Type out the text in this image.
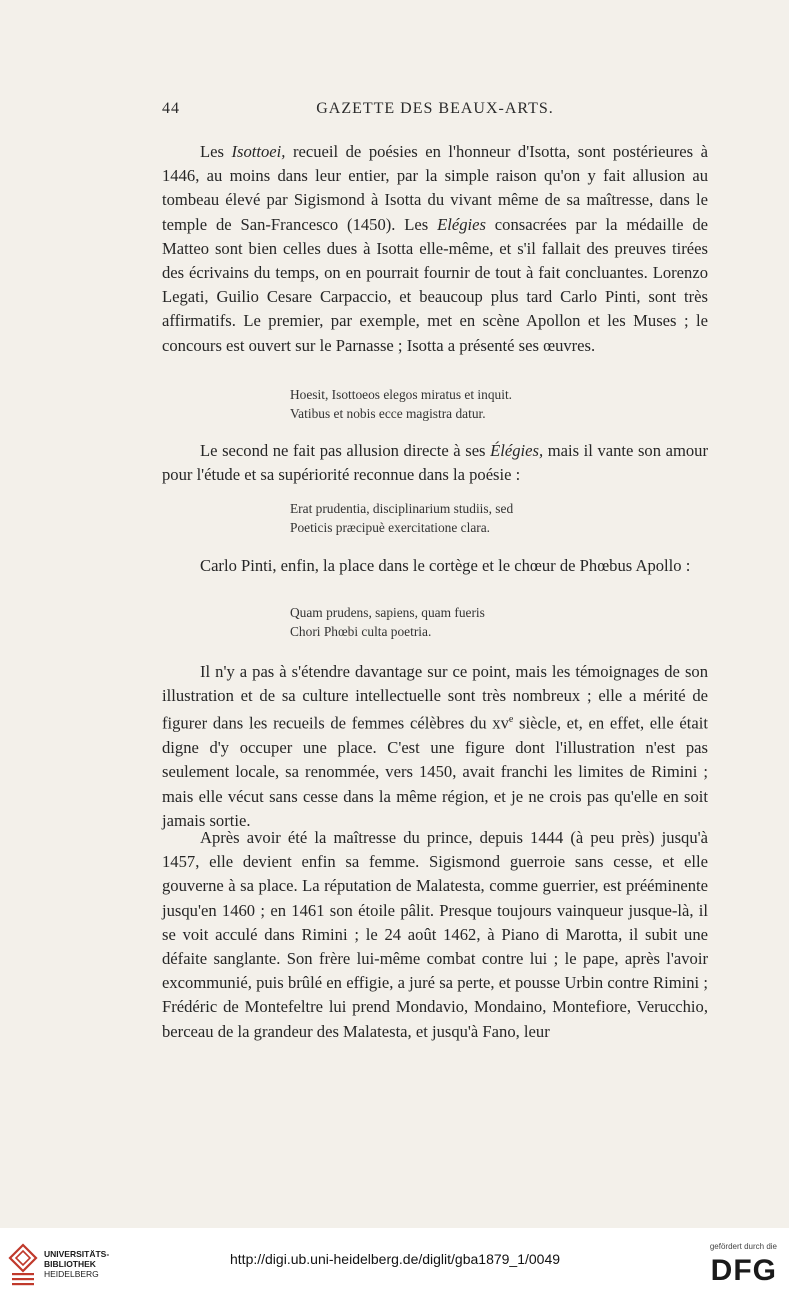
44	GAZETTE DES BEAUX-ARTS.

Les Isottoei, recueil de poésies en l'honneur d'Isotta, sont postérieures à 1446, au moins dans leur entier, par la simple raison qu'on y fait allusion au tombeau élevé par Sigismond à Isotta du vivant même de sa maîtresse, dans le temple de San-Francesco (1450). Les Elégies consacrées par la médaille de Matteo sont bien celles dues à Isotta elle-même, et s'il fallait des preuves tirées des écrivains du temps, on en pourrait fournir de tout à fait concluantes. Lorenzo Legati, Guilio Cesare Carpaccio, et beaucoup plus tard Carlo Pinti, sont très affirmatifs. Le premier, par exemple, met en scène Apollon et les Muses ; le concours est ouvert sur le Parnasse ; Isotta a présenté ses œuvres.

Hoesit, Isottoeos elegos miratus et inquit.
Vatibus et nobis ecce magistra datur.

Le second ne fait pas allusion directe à ses Élégies, mais il vante son amour pour l'étude et sa supériorité reconnue dans la poésie :

Erat prudentia, disciplinarium studiis, sed
Poeticis præcipuè exercitatione clara.

Carlo Pinti, enfin, la place dans le cortège et le chœur de Phœbus Apollo :

Quam prudens, sapiens, quam fueris
Chori Phœbi culta poetria.

Il n'y a pas à s'étendre davantage sur ce point, mais les témoignages de son illustration et de sa culture intellectuelle sont très nombreux ; elle a mérité de figurer dans les recueils de femmes célèbres du $xv^e$ siècle, et, en effet, elle était digne d'y occuper une place. C'est une figure dont l'illustration n'est pas seulement locale, sa renommée, vers 1450, avait franchi les limites de Rimini ; mais elle vécut sans cesse dans la même région, et je ne crois pas qu'elle en soit jamais sortie.

Après avoir été la maîtresse du prince, depuis 1444 (à peu près) jusqu'à 1457, elle devient enfin sa femme. Sigismond guerroie sans cesse, et elle gouverne à sa place. La réputation de Malatesta, comme guerrier, est prééminente jusqu'en 1460 ; en 1461 son étoile pâlit. Presque toujours vainqueur jusque-là, il se voit acculé dans Rimini ; le 24 août 1462, à Piano di Marotta, il subit une défaite sanglante. Son frère lui-même combat contre lui ; le pape, après l'avoir excommunié, puis brûlé en effigie, a juré sa perte, et pousse Urbin contre Rimini ; Frédéric de Montefeltre lui prend Mondavio, Mondaino, Montefiore, Verucchio, berceau de la grandeur des Malatesta, et jusqu'à Fano, leur

UNIVERSITÄTS-
BIBLIOTHEK
HEIDELBERG
http://digi.ub.uni-heidelberg.de/diglit/gba1879_1/0049
gefördert durch die
DFG
